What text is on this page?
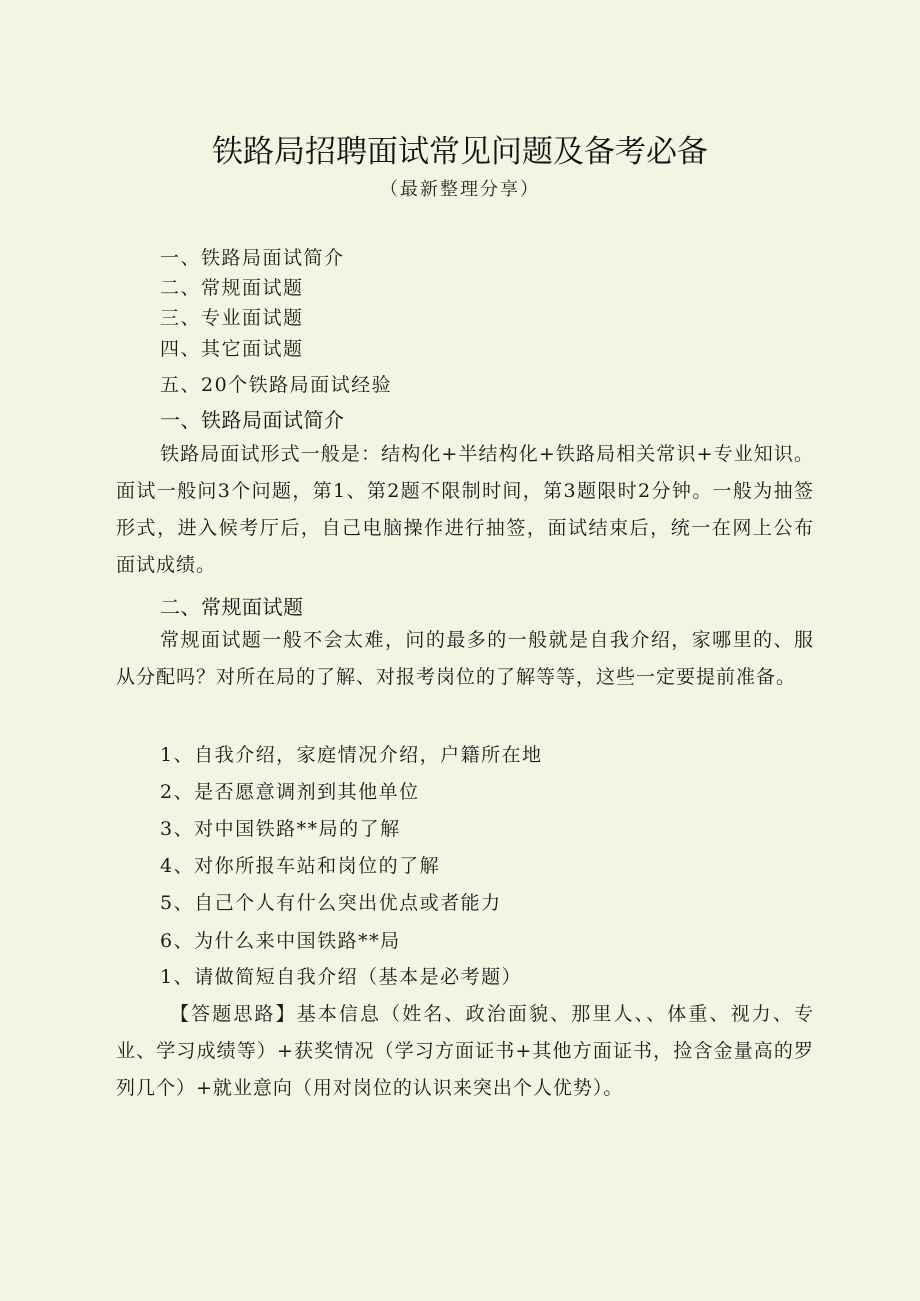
铁路局招聘面试常见问题及备考必备
（最新整理分享）
一、铁路局面试简介
二、常规面试题
三、专业面试题
四、其它面试题
五、20个铁路局面试经验
一、铁路局面试简介
铁路局面试形式一般是：结构化+半结构化+铁路局相关常识+专业知识。面试一般问3个问题，第1、第2题不限制时间，第3题限时2分钟。一般为抽签形式，进入候考厅后，自己电脑操作进行抽签，面试结束后，统一在网上公布面试成绩。
二、常规面试题
常规面试题一般不会太难，问的最多的一般就是自我介绍，家哪里的、服从分配吗？对所在局的了解、对报考岗位的了解等等，这些一定要提前准备。
1、自我介绍，家庭情况介绍，户籍所在地
2、是否愿意调剂到其他单位
3、对中国铁路**局的了解
4、对你所报车站和岗位的了解
5、自己个人有什么突出优点或者能力
6、为什么来中国铁路**局
1、请做简短自我介绍（基本是必考题）
【答题思路】基本信息（姓名、政治面貌、那里人、、体重、视力、专业、学习成绩等）+获奖情况（学习方面证书+其他方面证书，捡含金量高的罗列几个）+就业意向（用对岗位的认识来突出个人优势）。
